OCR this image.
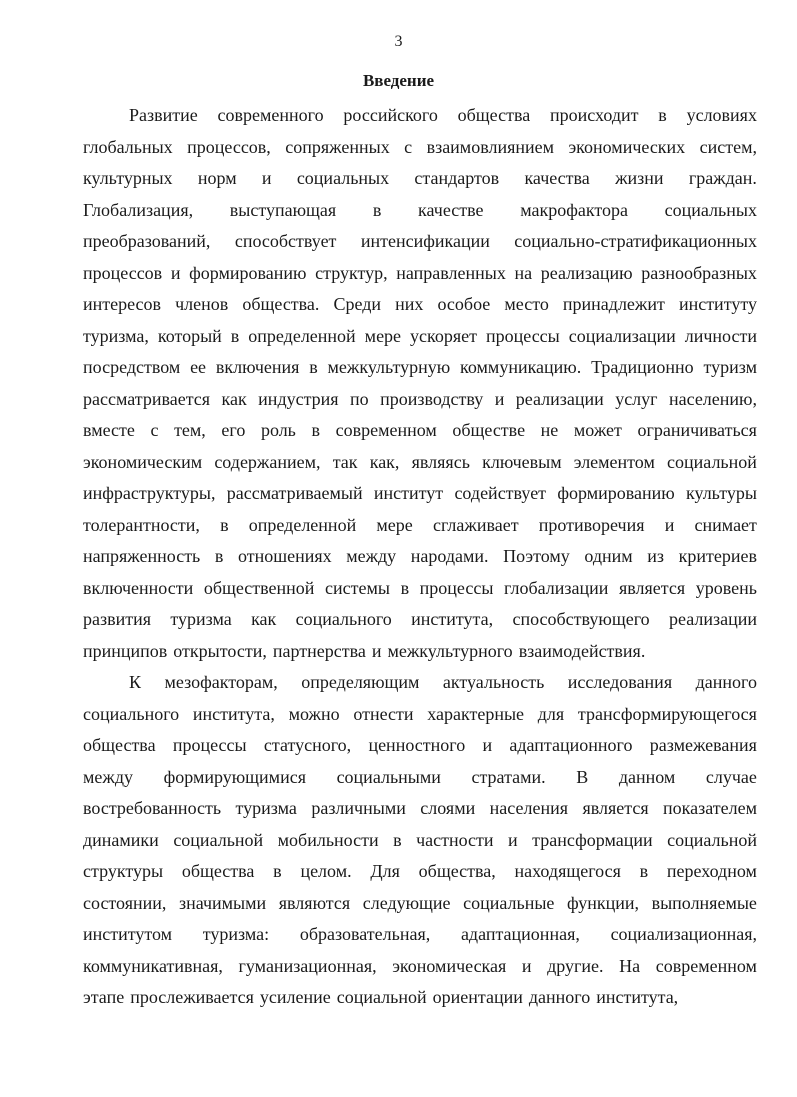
3
Введение
Развитие современного российского общества происходит в условиях
глобальных процессов, сопряженных с взаимовлиянием экономических систем,
культурных норм и социальных стандартов качества жизни граждан.
Глобализация, выступающая в качестве макрофактора социальных
преобразований, способствует интенсификации социально-стратификационных
процессов и формированию структур, направленных на реализацию разнообразных
интересов членов общества. Среди них особое место принадлежит институту
туризма, который в определенной мере ускоряет процессы социализации личности
посредством ее включения в межкультурную коммуникацию. Традиционно туризм
рассматривается как индустрия по производству и реализации услуг населению,
вместе с тем, его роль в современном обществе не может ограничиваться
экономическим содержанием, так как, являясь ключевым элементом социальной
инфраструктуры, рассматриваемый институт содействует формированию культуры
толерантности, в определенной мере сглаживает противоречия и снимает
напряженность в отношениях между народами. Поэтому одним из критериев
включенности общественной системы в процессы глобализации является уровень
развития туризма как социального института, способствующего реализации
принципов открытости, партнерства и межкультурного взаимодействия.
К мезофакторам, определяющим актуальность исследования данного
социального института, можно отнести характерные для трансформирующегося
общества процессы статусного, ценностного и адаптационного размежевания
между формирующимися социальными стратами. В данном случае
востребованность туризма различными слоями населения является показателем
динамики социальной мобильности в частности и трансформации социальной
структуры общества в целом. Для общества, находящегося в переходном
состоянии, значимыми являются следующие социальные функции, выполняемые
институтом туризма: образовательная, адаптационная, социализационная,
коммуникативная, гуманизационная, экономическая и другие. На современном
этапе прослеживается усиление социальной ориентации данного института,
